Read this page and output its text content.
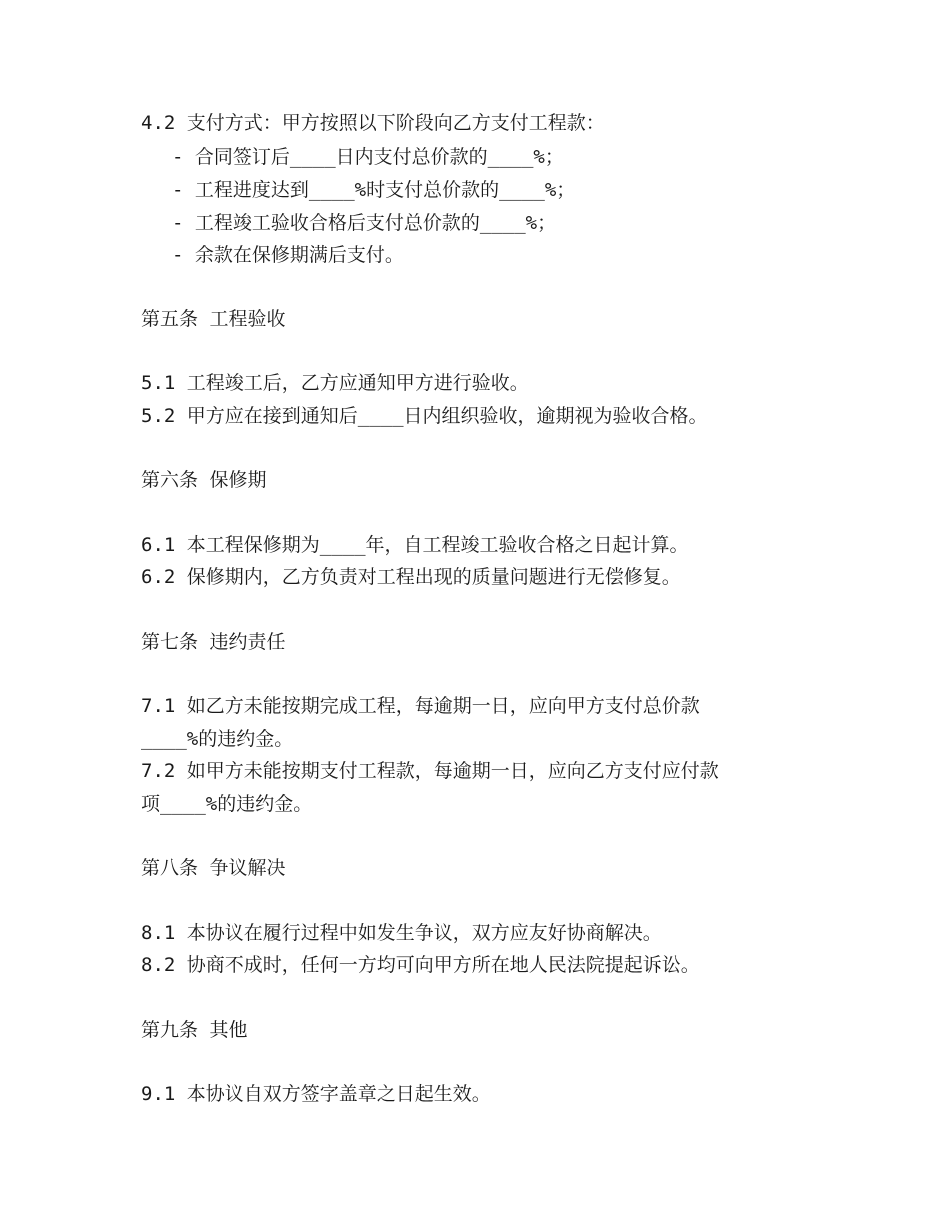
4.2 支付方式：甲方按照以下阶段向乙方支付工程款：
- 合同签订后____日内支付总价款的____%；
- 工程进度达到____%时支付总价款的____%；
- 工程竣工验收合格后支付总价款的____%；
- 余款在保修期满后支付。
第五条 工程验收
5.1 工程竣工后，乙方应通知甲方进行验收。
5.2 甲方应在接到通知后____日内组织验收，逾期视为验收合格。
第六条 保修期
6.1 本工程保修期为____年，自工程竣工验收合格之日起计算。
6.2 保修期内，乙方负责对工程出现的质量问题进行无偿修复。
第七条 违约责任
7.1 如乙方未能按期完成工程，每逾期一日，应向甲方支付总价款
____%的违约金。
7.2 如甲方未能按期支付工程款，每逾期一日，应向乙方支付应付款
项____%的违约金。
第八条 争议解决
8.1 本协议在履行过程中如发生争议，双方应友好协商解决。
8.2 协商不成时，任何一方均可向甲方所在地人民法院提起诉讼。
第九条 其他
9.1 本协议自双方签字盖章之日起生效。
